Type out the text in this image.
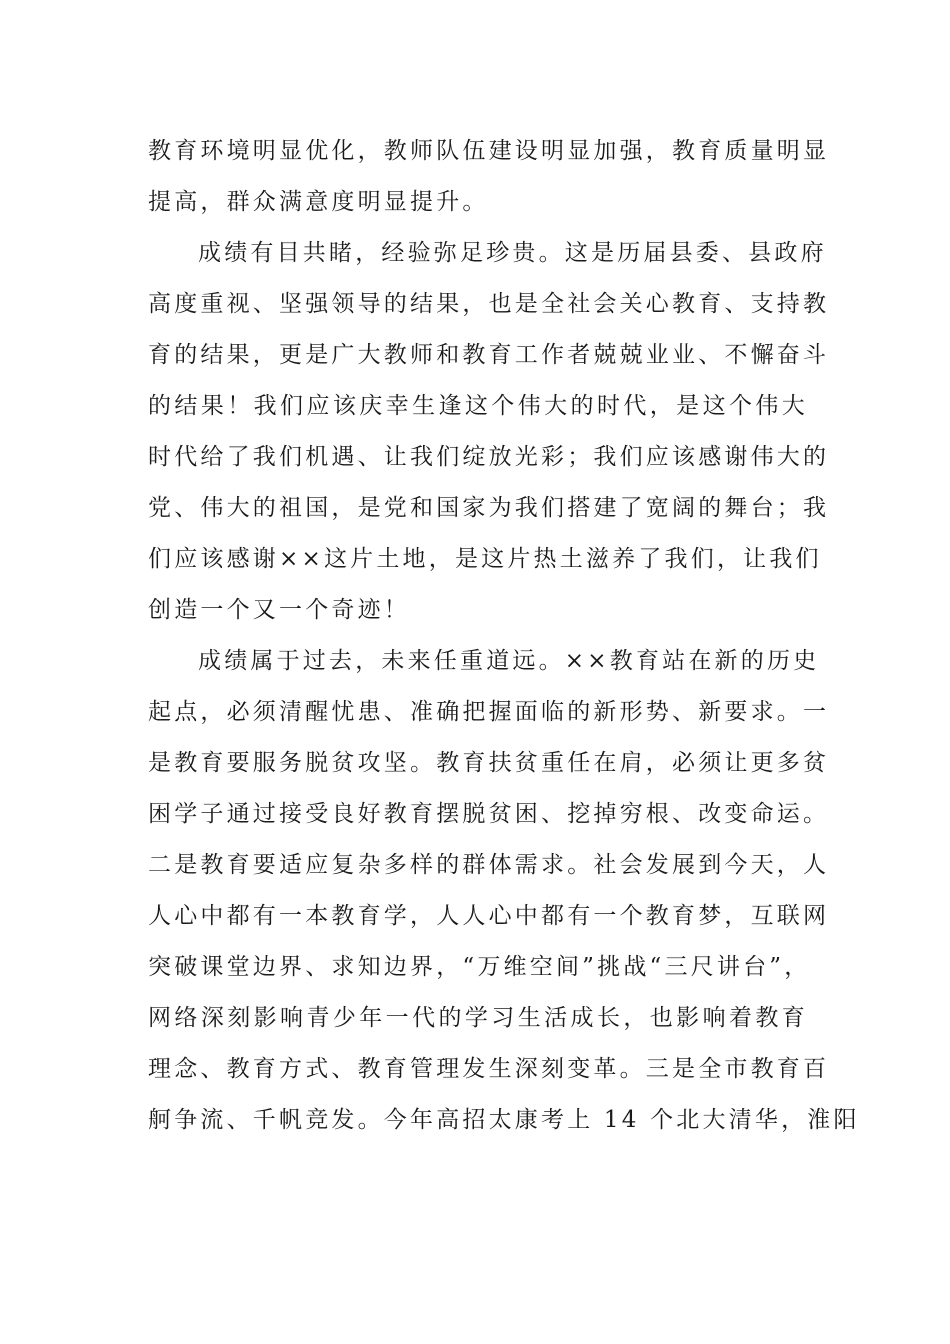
教育环境明显优化，教师队伍建设明显加强，教育质量明显
提高，群众满意度明显提升。

成绩有目共睹，经验弥足珍贵。这是历届县委、县政府
高度重视、坚强领导的结果，也是全社会关心教育、支持教
育的结果，更是广大教师和教育工作者兢兢业业、不懈奋斗
的结果！我们应该庆幸生逢这个伟大的时代，是这个伟大
时代给了我们机遇、让我们绽放光彩；我们应该感谢伟大的
党、伟大的祖国，是党和国家为我们搭建了宽阔的舞台；我
们应该感谢××这片土地，是这片热土滋养了我们，让我们
创造一个又一个奇迹！

成绩属于过去，未来任重道远。××教育站在新的历史
起点，必须清醒忧患、准确把握面临的新形势、新要求。一
是教育要服务脱贫攻坚。教育扶贫重任在肩，必须让更多贫
困学子通过接受良好教育摆脱贫困、挖掉穷根、改变命运。
二是教育要适应复杂多样的群体需求。社会发展到今天，人
人心中都有一本教育学，人人心中都有一个教育梦，互联网
突破课堂边界、求知边界，“万维空间”挑战“三尺讲台”，
网络深刻影响青少年一代的学习生活成长，也影响着教育
理念、教育方式、教育管理发生深刻变革。三是全市教育百
舸争流、千帆竞发。今年高招太康考上 14 个北大清华，淮阳
